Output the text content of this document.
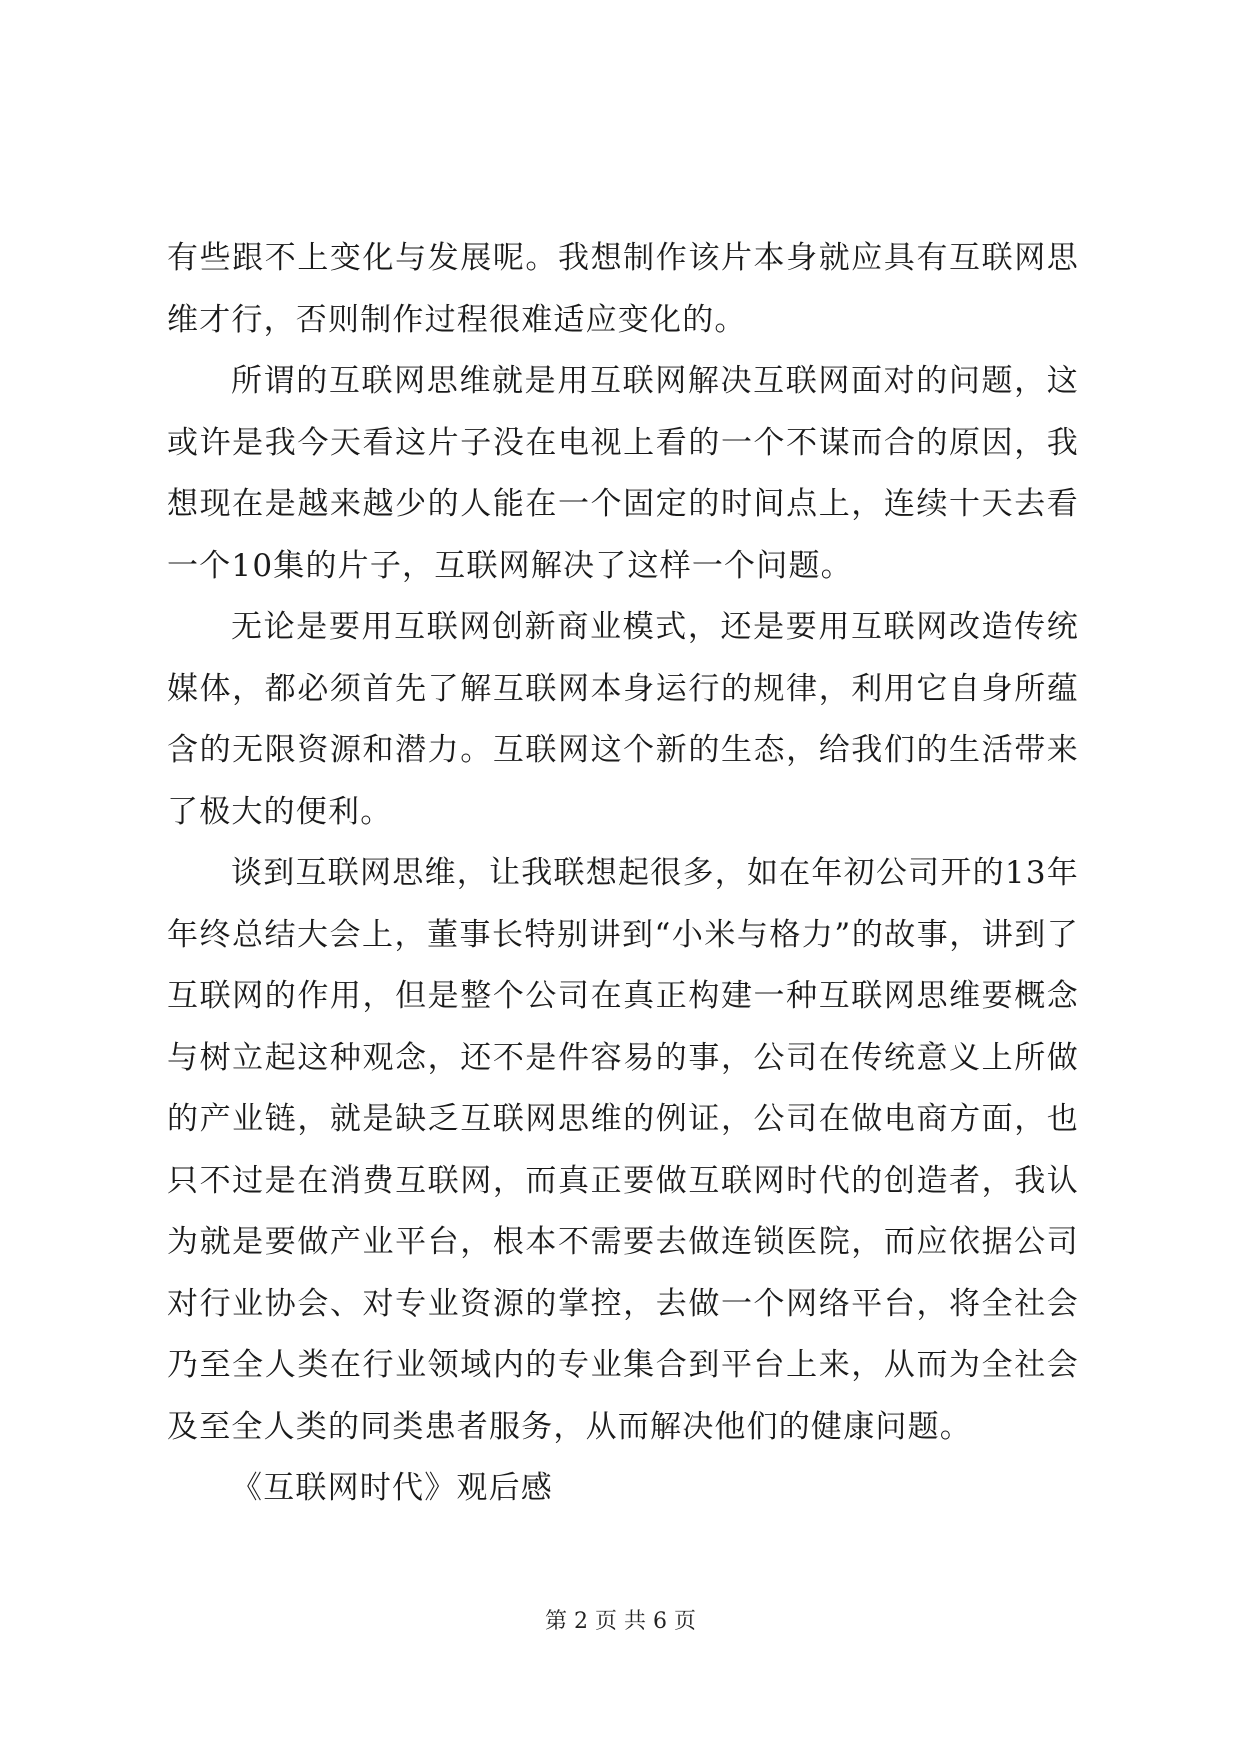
有些跟不上变化与发展呢。我想制作该片本身就应具有互联网思维才行，否则制作过程很难适应变化的。

所谓的互联网思维就是用互联网解决互联网面对的问题，这或许是我今天看这片子没在电视上看的一个不谋而合的原因，我想现在是越来越少的人能在一个固定的时间点上，连续十天去看一个10集的片子，互联网解决了这样一个问题。

无论是要用互联网创新商业模式，还是要用互联网改造传统媒体，都必须首先了解互联网本身运行的规律，利用它自身所蕴含的无限资源和潜力。互联网这个新的生态，给我们的生活带来了极大的便利。

谈到互联网思维，让我联想起很多，如在年初公司开的13年年终总结大会上，董事长特别讲到“小米与格力”的故事，讲到了互联网的作用，但是整个公司在真正构建一种互联网思维要概念与树立起这种观念，还不是件容易的事，公司在传统意义上所做的产业链，就是缺乏互联网思维的例证，公司在做电商方面，也只不过是在消费互联网，而真正要做互联网时代的创造者，我认为就是要做产业平台，根本不需要去做连锁医院，而应依据公司对行业协会、对专业资源的掌控，去做一个网络平台，将全社会乃至全人类在行业领域内的专业集合到平台上来，从而为全社会及至全人类的同类患者服务，从而解决他们的健康问题。

《互联网时代》观后感

第 2 页 共 6 页
